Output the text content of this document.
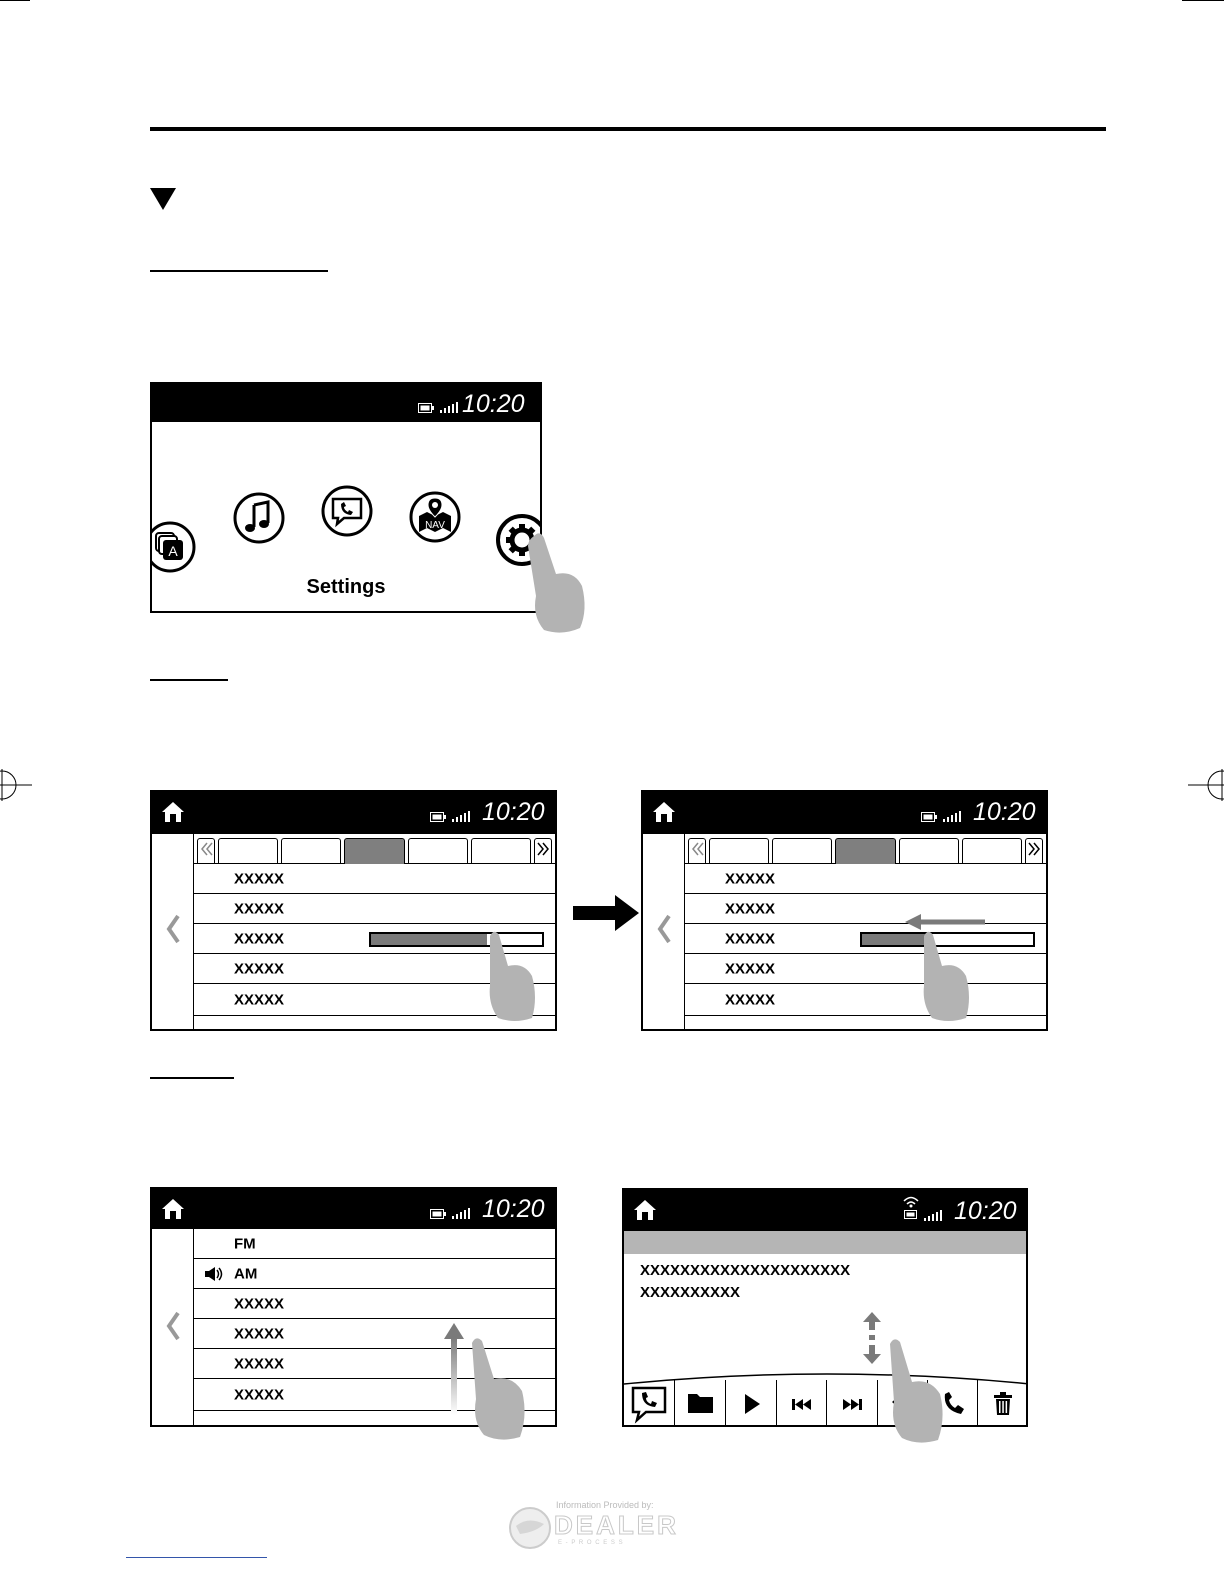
10:20
A
NAV
Settings
10:20
XXXXX
XXXXX
XXXXX
XXXXX
XXXXX
10:20
XXXXX
XXXXX
XXXXX
XXXXX
XXXXX
10:20
FM
AM
XXXXX
XXXXX
XXXXX
XXXXX
10:20
XXXXXXXXXXXXXXXXXXXXX
XXXXXXXXXX
Information Provided by:
DEALER
E - P R O C E S S
